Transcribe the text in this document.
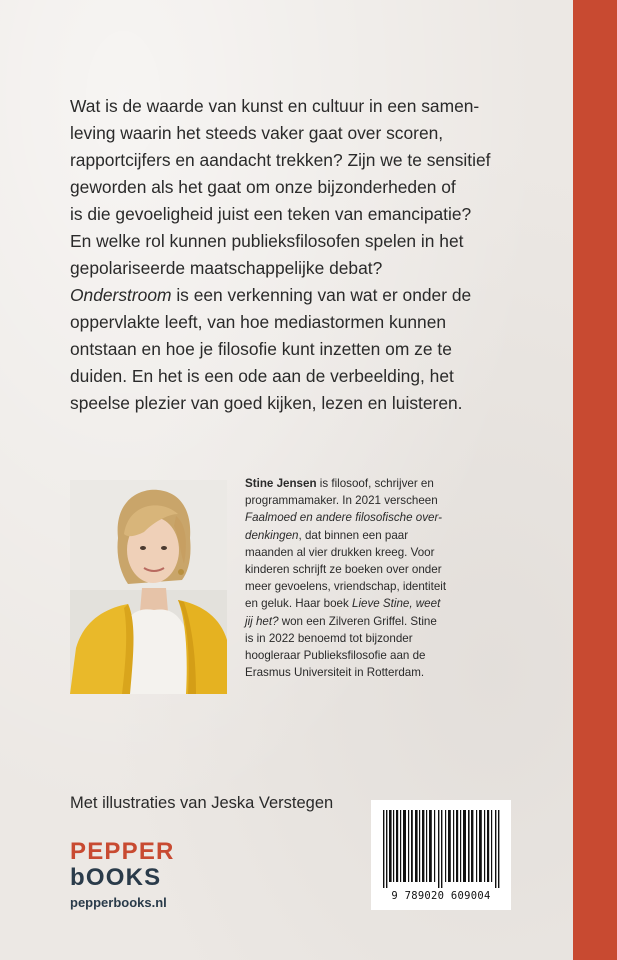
Wat is de waarde van kunst en cultuur in een samen-
leving waarin het steeds vaker gaat over scoren,
rapportcijfers en aandacht trekken? Zijn we te sensitief
geworden als het gaat om onze bijzonderheden of
is die gevoeligheid juist een teken van emancipatie?
En welke rol kunnen publieksfilosofen spelen in het
gepolariseerde maatschappelijke debat?
Onderstroom is een verkenning van wat er onder de
oppervlakte leeft, van hoe mediastormen kunnen
ontstaan en hoe je filosofie kunt inzetten om ze te
duiden. En het is een ode aan de verbeelding, het
speelse plezier van goed kijken, lezen en luisteren.

Stine Jensen is filosoof, schrijver en
programmamaker. In 2021 verscheen
Faalmoed en andere filosofische over-
denkingen, dat binnen een paar
maanden al vier drukken kreeg. Voor
kinderen schrijft ze boeken over onder
meer gevoelens, vriendschap, identiteit
en geluk. Haar boek Lieve Stine, weet
jij het? won een Zilveren Griffel. Stine
is in 2022 benoemd tot bijzonder
hoogleraar Publieksfilosofie aan de
Erasmus Universiteit in Rotterdam.

Met illustraties van Jeska Verstegen
PEPPER
bOOKS
pepperbooks.nl	9 789020 609004
